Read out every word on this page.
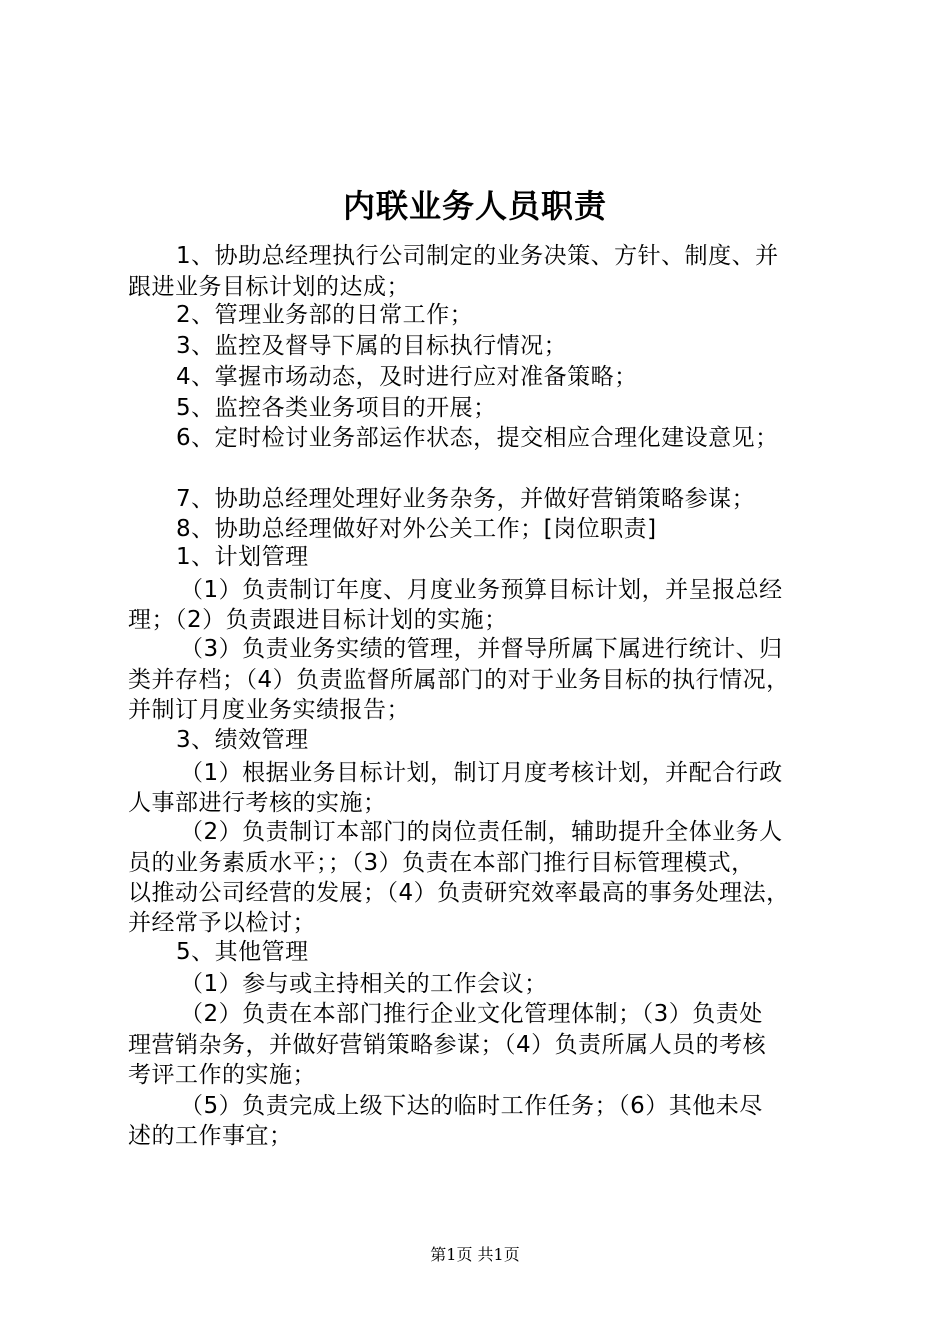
内联业务人员职责
1、协助总经理执行公司制定的业务决策、方针、制度、并
跟进业务目标计划的达成；
2、管理业务部的日常工作；
3、监控及督导下属的目标执行情况；
4、掌握市场动态，及时进行应对准备策略；
5、监控各类业务项目的开展；
6、定时检讨业务部运作状态，提交相应合理化建设意见；
7、协助总经理处理好业务杂务，并做好营销策略参谋；
8、协助总经理做好对外公关工作；[岗位职责]
1、计划管理
（1）负责制订年度、月度业务预算目标计划，并呈报总经
理；（2）负责跟进目标计划的实施；
（3）负责业务实绩的管理，并督导所属下属进行统计、归
类并存档；（4）负责监督所属部门的对于业务目标的执行情况，
并制订月度业务实绩报告；
3、绩效管理
（1）根据业务目标计划，制订月度考核计划，并配合行政
人事部进行考核的实施；
（2）负责制订本部门的岗位责任制，辅助提升全体业务人
员的业务素质水平；；（3）负责在本部门推行目标管理模式，
以推动公司经营的发展；（4）负责研究效率最高的事务处理法，
并经常予以检讨；
5、其他管理
（1）参与或主持相关的工作会议；
（2）负责在本部门推行企业文化管理体制；（3）负责处
理营销杂务，并做好营销策略参谋；（4）负责所属人员的考核
考评工作的实施；
（5）负责完成上级下达的临时工作任务；（6）其他未尽
述的工作事宜；
第1页 共1页
